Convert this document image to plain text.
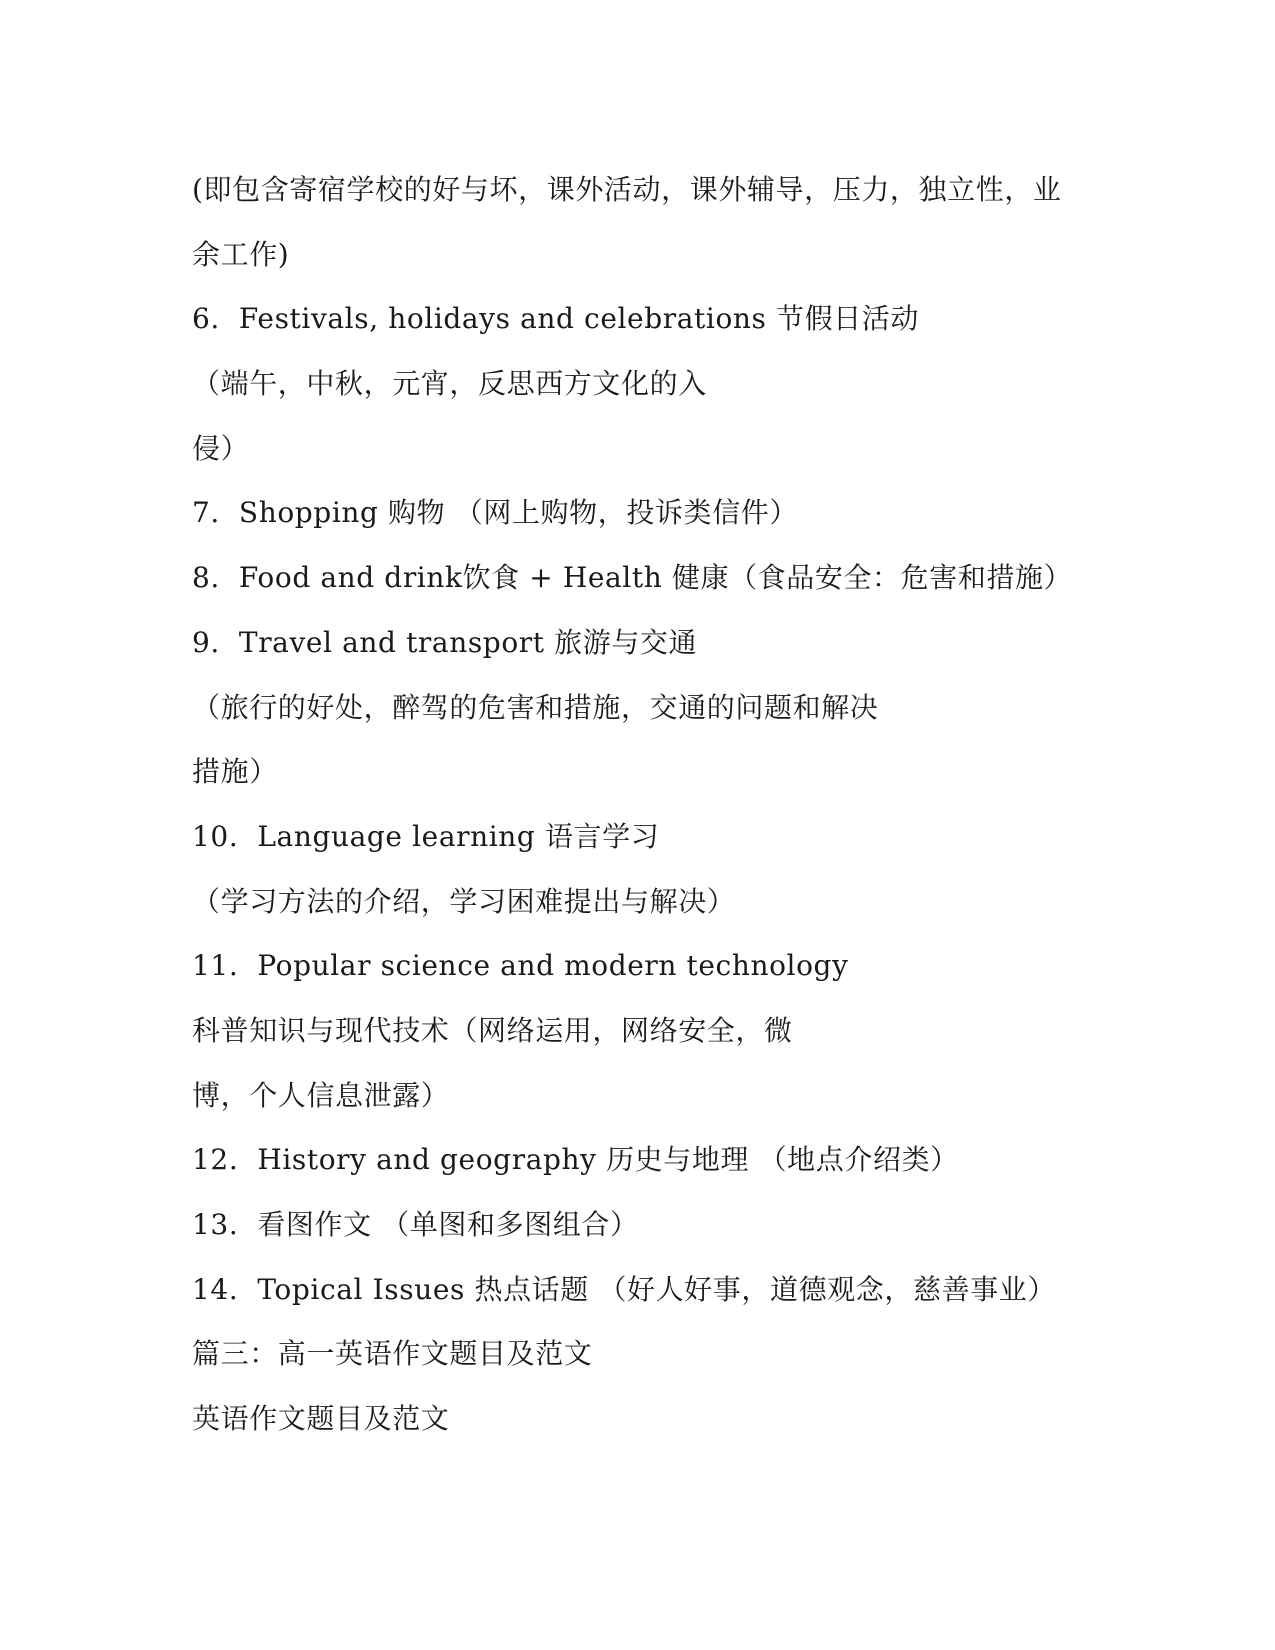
(即包含寄宿学校的好与坏，课外活动，课外辅导，压力，独立性，业
余工作)
6.  Festivals, holidays and celebrations 节假日活动
（端午，中秋，元宵，反思西方文化的入
侵）
7.  Shopping 购物 （网上购物，投诉类信件）
8.  Food and drink饮食 + Health 健康（食品安全：危害和措施）
9.  Travel and transport 旅游与交通
（旅行的好处，醉驾的危害和措施，交通的问题和解决
措施）
10.  Language learning 语言学习
（学习方法的介绍，学习困难提出与解决）
11.  Popular science and modern technology
科普知识与现代技术（网络运用，网络安全，微
博，个人信息泄露）
12.  History and geography 历史与地理 （地点介绍类）
13.  看图作文 （单图和多图组合）
14.  Topical Issues 热点话题 （好人好事，道德观念，慈善事业）
篇三：高一英语作文题目及范文
英语作文题目及范文
